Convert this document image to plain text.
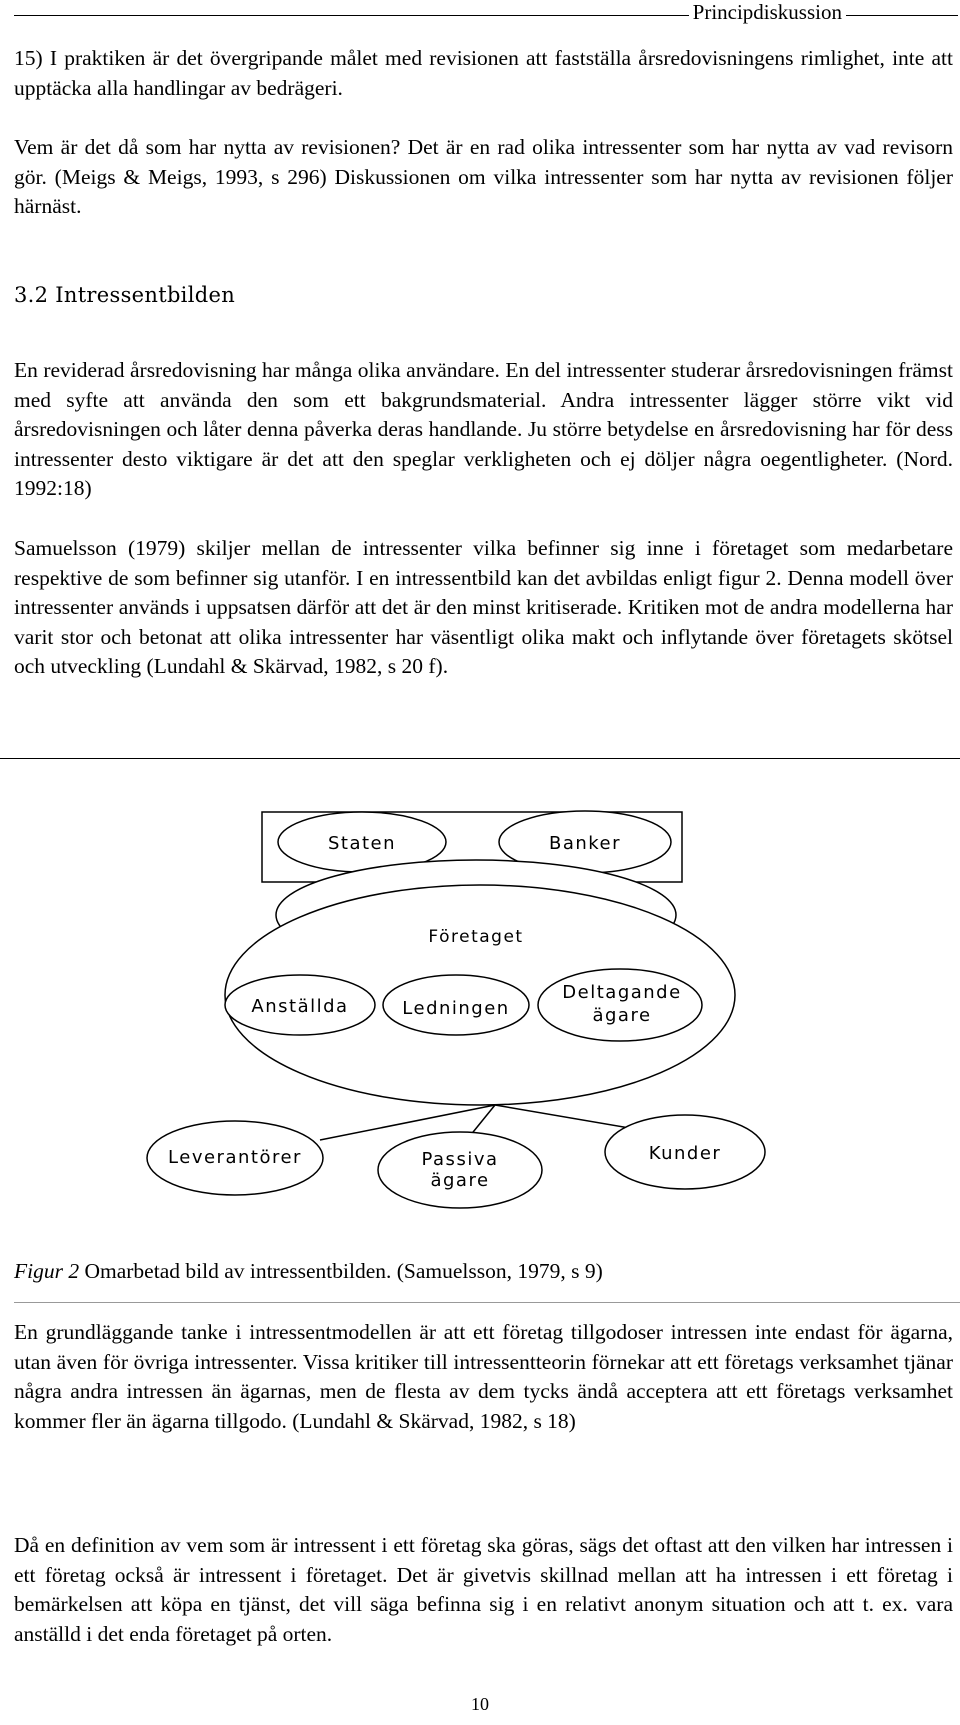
Principdiskussion

15) I praktiken är det övergripande målet med revisionen att fastställa årsredovisningens rimlighet, inte att upptäcka alla handlingar av bedrägeri.

Vem är det då som har nytta av revisionen? Det är en rad olika intressenter som har nytta av vad revisorn gör. (Meigs & Meigs, 1993, s 296) Diskussionen om vilka intressenter som har nytta av revisionen följer härnäst.

3.2 Intressentbilden

En reviderad årsredovisning har många olika användare. En del intressenter studerar årsredovisningen främst med syfte att använda den som ett bakgrundsmaterial. Andra intressenter lägger större vikt vid årsredovisningen och låter denna påverka deras handlande. Ju större betydelse en årsredovisning har för dess intressenter desto viktigare är det att den speglar verkligheten och ej döljer några oegentligheter. (Nord. 1992:18)

Samuelsson (1979) skiljer mellan de intressenter vilka befinner sig inne i företaget som medarbetare respektive de som befinner sig utanför. I en intressentbild kan det avbildas enligt figur 2. Denna modell över intressenter används i uppsatsen därför att det är den minst kritiserade. Kritiken mot de andra modellerna har varit stor och betonat att olika intressenter har väsentligt olika makt och inflytande över företagets skötsel och utveckling (Lundahl & Skärvad, 1982, s 20 f).

Staten	Banker
Företaget
Anställda	Ledningen
Deltagande
ägare
Leverantörer	Passiva
ägare
Kunder

Figur 2 Omarbetad bild av intressentbilden. (Samuelsson, 1979, s 9)

En grundläggande tanke i intressentmodellen är att ett företag tillgodoser intressen inte endast för ägarna, utan även för övriga intressenter. Vissa kritiker till intressentteorin förnekar att ett företags verksamhet tjänar några andra intressen än ägarnas, men de flesta av dem tycks ändå acceptera att ett företags verksamhet kommer fler än ägarna tillgodo. (Lundahl & Skärvad, 1982, s 18)

Då en definition av vem som är intressent i ett företag ska göras, sägs det oftast att den vilken har intressen i ett företag också är intressent i företaget. Det är givetvis skillnad mellan att ha intressen i ett företag i bemärkelsen att köpa en tjänst, det vill säga befinna sig i en relativt anonym situation och att t. ex. vara anställd i det enda företaget på orten.

10
